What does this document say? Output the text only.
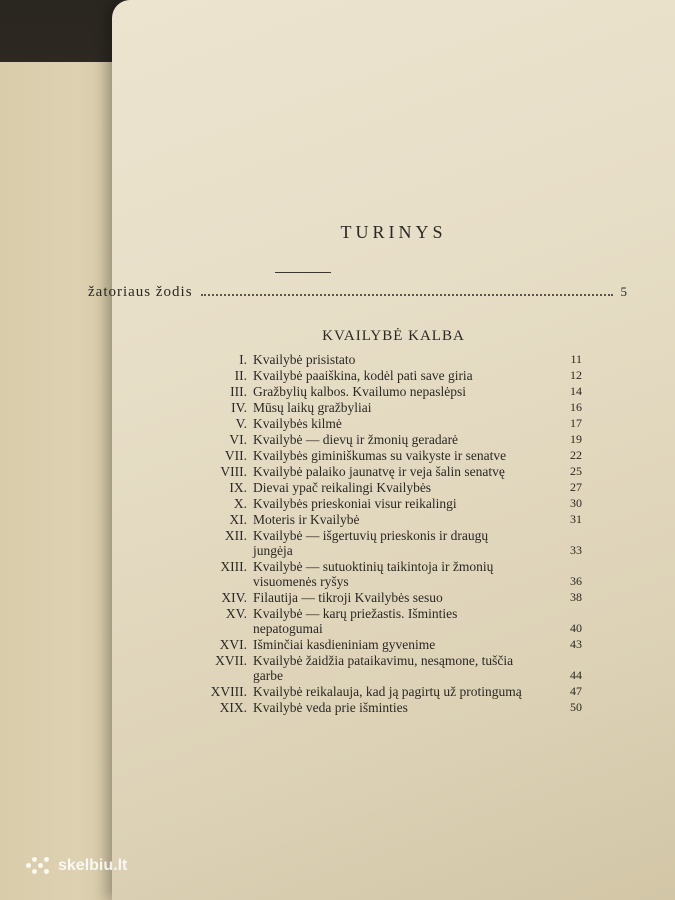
TURINYS
žatoriaus žodis	5
KVAILYBĖ KALBA
I. Kvailybė prisistato	11
II. Kvailybė paaiškina, kodėl pati save giria	12
III. Gražbylių kalbos. Kvailumo nepaslėpsi	14
IV. Mūsų laikų gražbyliai	16
V. Kvailybės kilmė	17
VI. Kvailybė — dievų ir žmonių geradarė	19
VII. Kvailybės giminiškumas su vaikyste ir senatve	22
VIII. Kvailybė palaiko jaunatvę ir veja šalin senatvę	25
IX. Dievai ypač reikalingi Kvailybės	27
X. Kvailybės prieskoniai visur reikalingi	30
XI. Moteris ir Kvailybė	31
XII. Kvailybė — išgertuvių prieskonis ir draugų jungėja	33
XIII. Kvailybė — sutuoktinių taikintoja ir žmonių visuomenės ryšys	36
XIV. Filautija — tikroji Kvailybės sesuo	38
XV. Kvailybė — karų priežastis. Išminties nepatogumai	40
XVI. Išminčiai kasdieniniam gyvenime	43
XVII. Kvailybė žaidžia pataikavimu, nesąmone, tuščia garbe	44
XVIII. Kvailybė reikalauja, kad ją pagirtų už protingumą	47
XIX. Kvailybė veda prie išminties	50
skelbiu.lt
